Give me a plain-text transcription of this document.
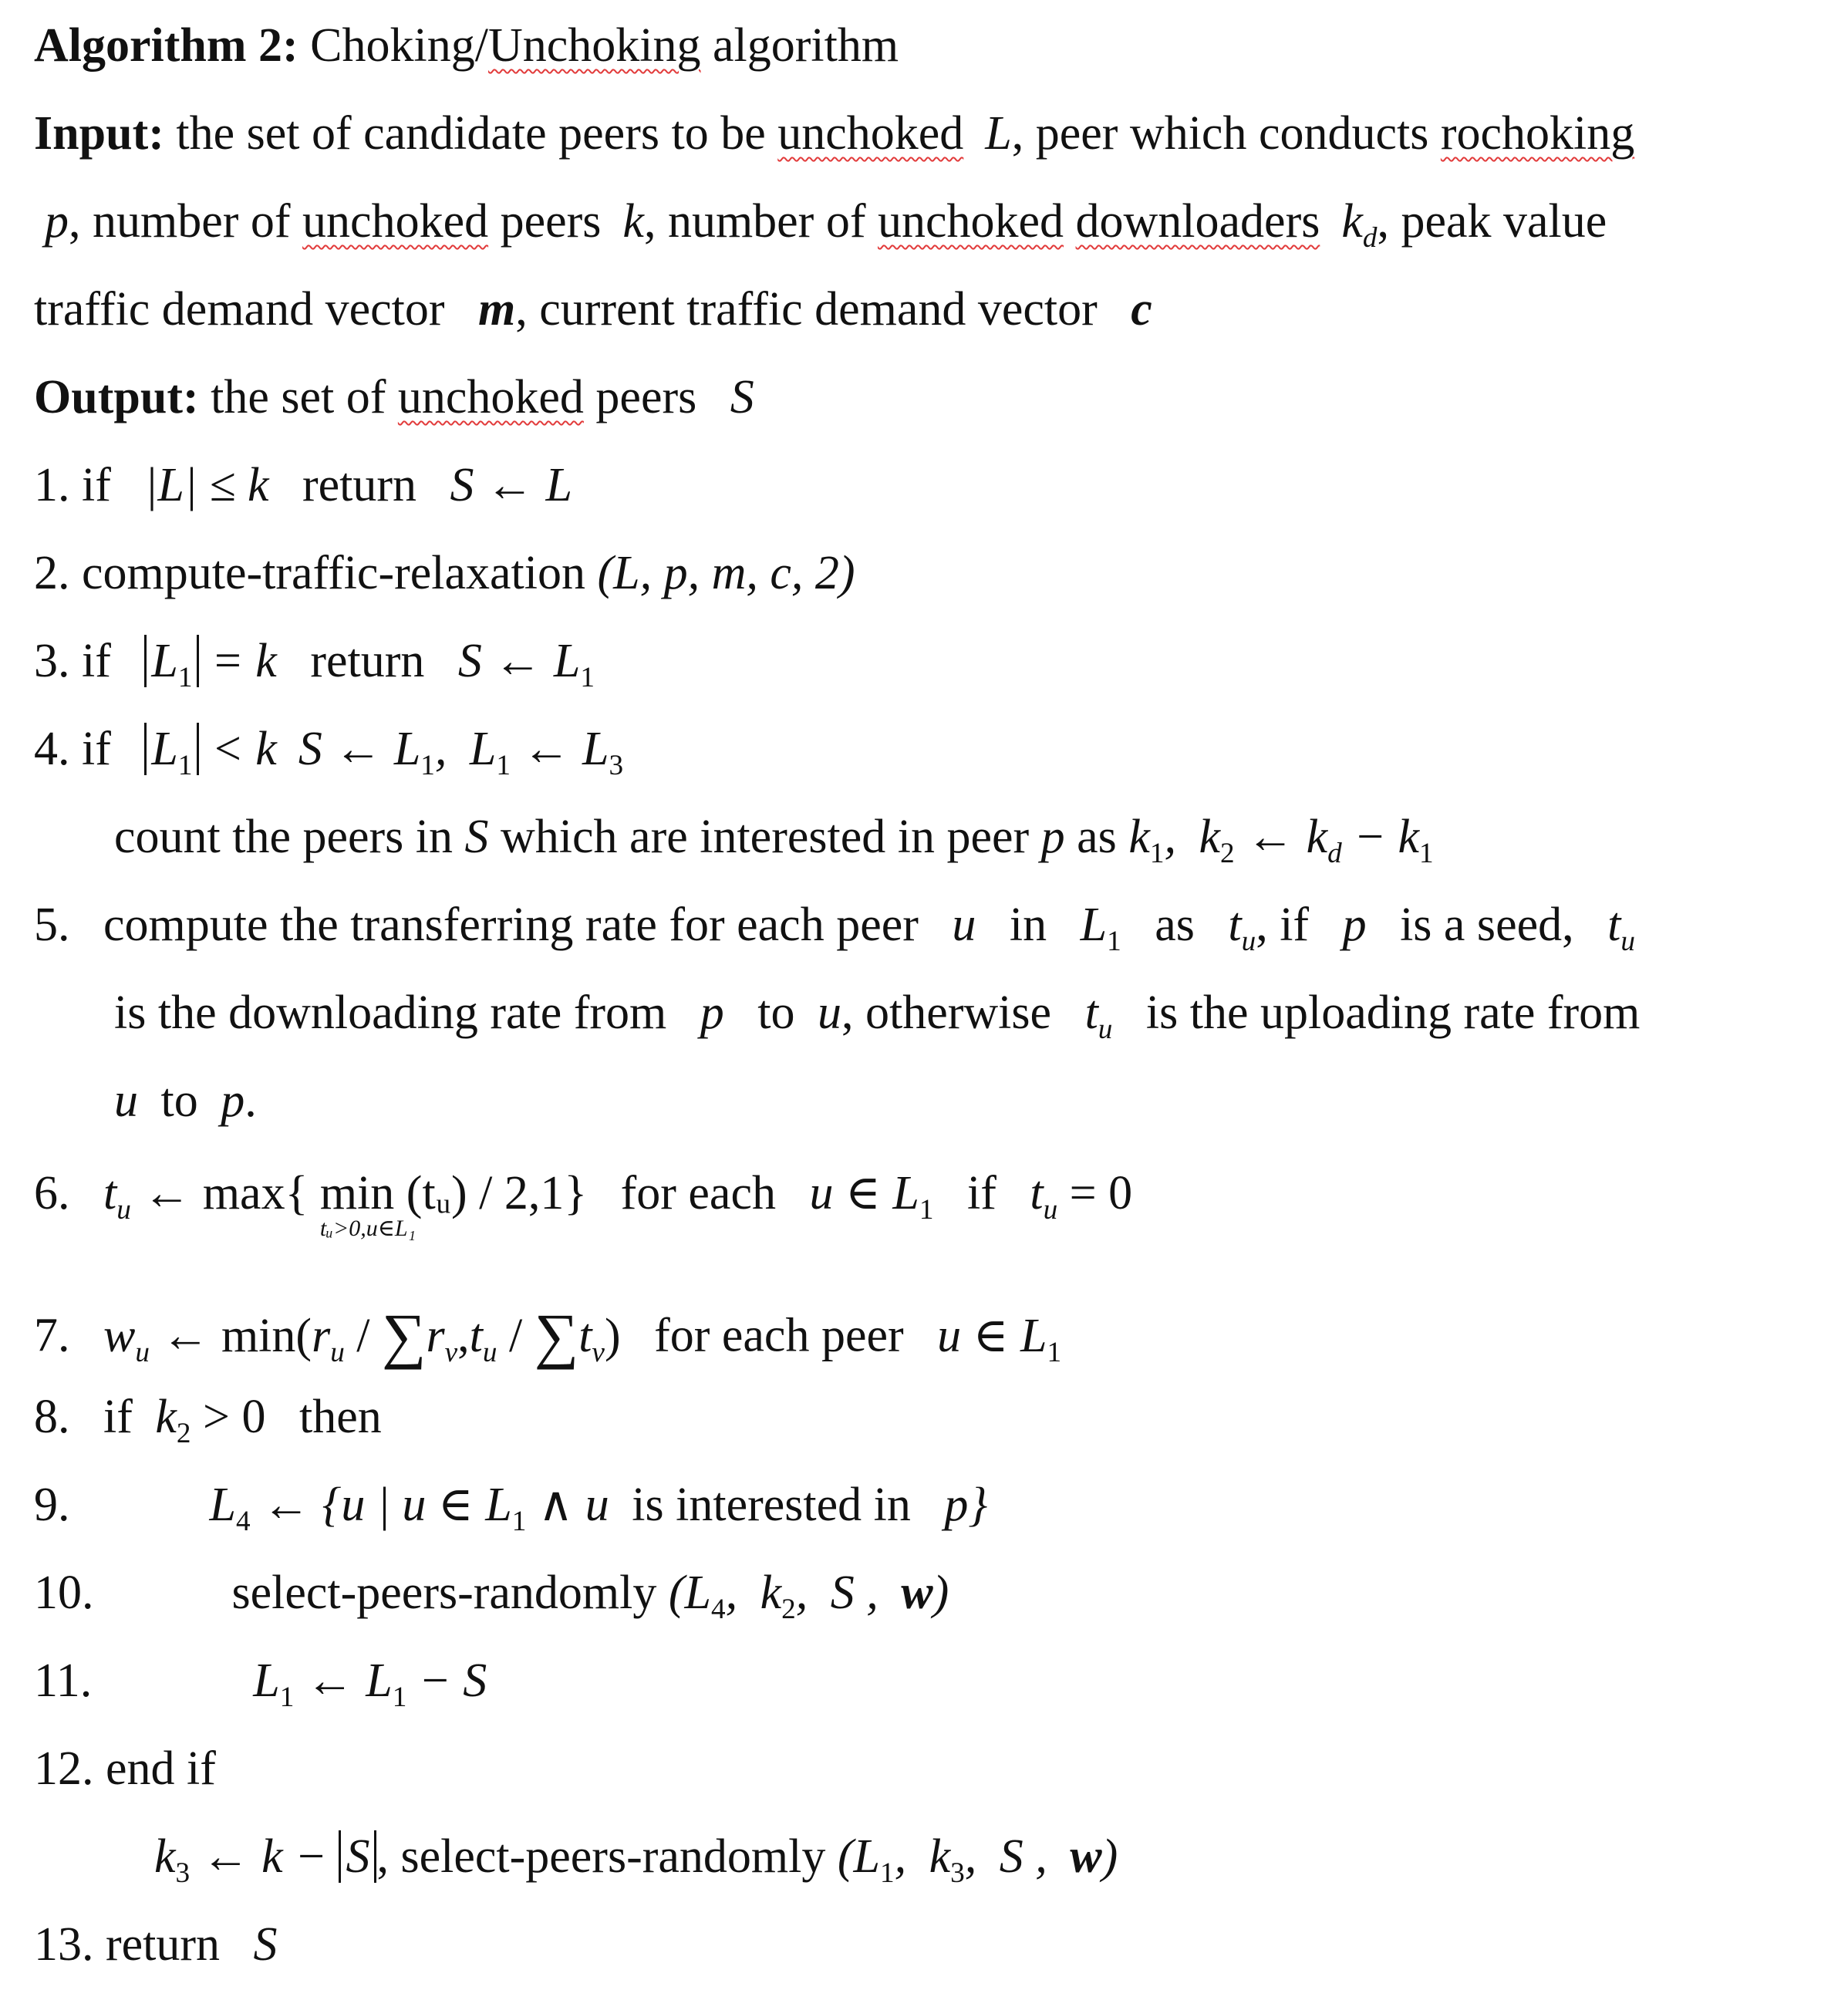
Algorithm 2: Choking/Unchoking algorithm
Input: the set of candidate peers to be unchoked L, peer which conducts rochoking
p, number of unchoked peers k, number of unchoked downloaders $k_d$, peak value
traffic demand vector m, current traffic demand vector c
Output: the set of unchoked peers S
1. if |L| ≤ k return S ← L
2. compute-traffic-relaxation (L, p, m, c, 2)
3. if $L_1 = k$ return S ← $L_1$
4. if $L_1 < k$ S ← $L_1$, $L_1$ ← $L_3$
count the peers in S which are interested in peer p as $k_1$, $k_2$ ← $k_d - k_1$
5. compute the transferring rate for each peer u in $L_1$ as $t_u$, if p is a seed, $t_u$
is the downloading rate from p to u, otherwise $t_u$ is the uploading rate from
u to p.
6. $t_u$ ← max{ min
tᵤ>0,u∈L₁
(tᵤ) / 2,1} for each u ∈ $L_1$ if $t_u = 0$
7. $w_u$ ← $\min(r_u / \sum r_v,t_u / \sum t_v)$ for each peer u ∈ $L_1$
8. if $k_2 > 0$ then
9.	$L_4$ ← {u | u ∈ $L_1$ ∧ u is interested in p}
10.	select-peers-randomly ($L_4$, $k_2$, S , w)
11.	$L_1$ ← $L_1 - S$
12. end if
$k_3$ ← k − S , select-peers-randomly ($L_1$, $k_3$, S , w)
13. return S
